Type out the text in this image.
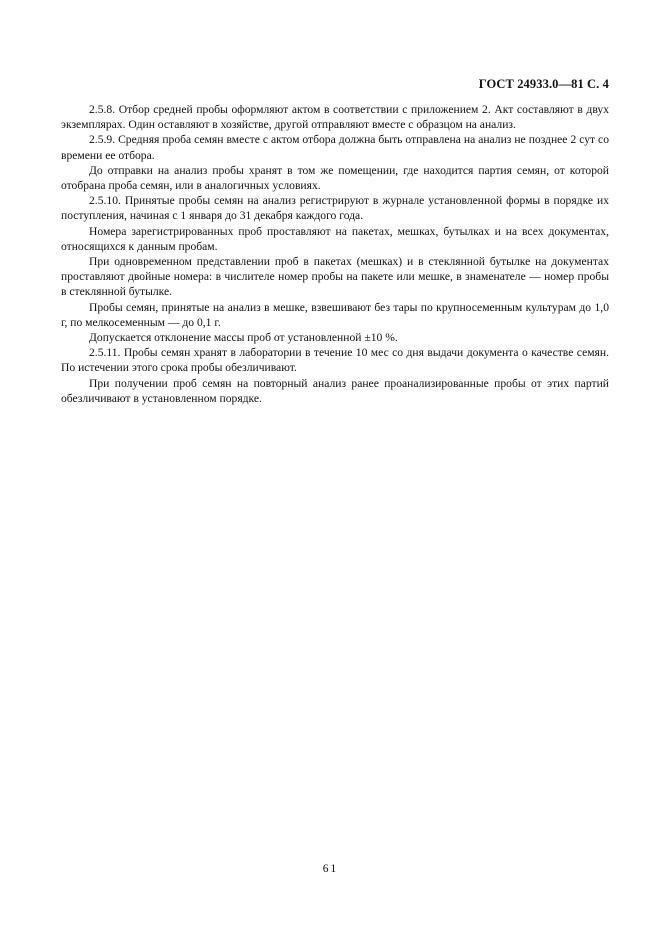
ГОСТ 24933.0—81 С. 4

2.5.8. Отбор средней пробы оформляют актом в соответствии с приложением 2. Акт составляют в двух экземплярах. Один оставляют в хозяйстве, другой отправляют вместе с образцом на анализ.

2.5.9. Средняя проба семян вместе с актом отбора должна быть отправлена на анализ не позднее 2 сут со времени ее отбора.

До отправки на анализ пробы хранят в том же помещении, где находится партия семян, от которой отобрана проба семян, или в аналогичных условиях.

2.5.10. Принятые пробы семян на анализ регистрируют в журнале установленной формы в порядке их поступления, начиная с 1 января до 31 декабря каждого года.

Номера зарегистрированных проб проставляют на пакетах, мешках, бутылках и на всех документах, относящихся к данным пробам.

При одновременном представлении проб в пакетах (мешках) и в стеклянной бутылке на документах проставляют двойные номера: в числителе номер пробы на пакете или мешке, в знаменателе — номер пробы в стеклянной бутылке.

Пробы семян, принятые на анализ в мешке, взвешивают без тары по крупносеменным культурам до 1,0 г, по мелкосеменным — до 0,1 г.

Допускается отклонение массы проб от установленной ±10 %.

2.5.11. Пробы семян хранят в лаборатории в течение 10 мес со дня выдачи документа о качестве семян. По истечении этого срока пробы обезличивают.

При получении проб семян на повторный анализ ранее проанализированные пробы от этих партий обезличивают в установленном порядке.

61
